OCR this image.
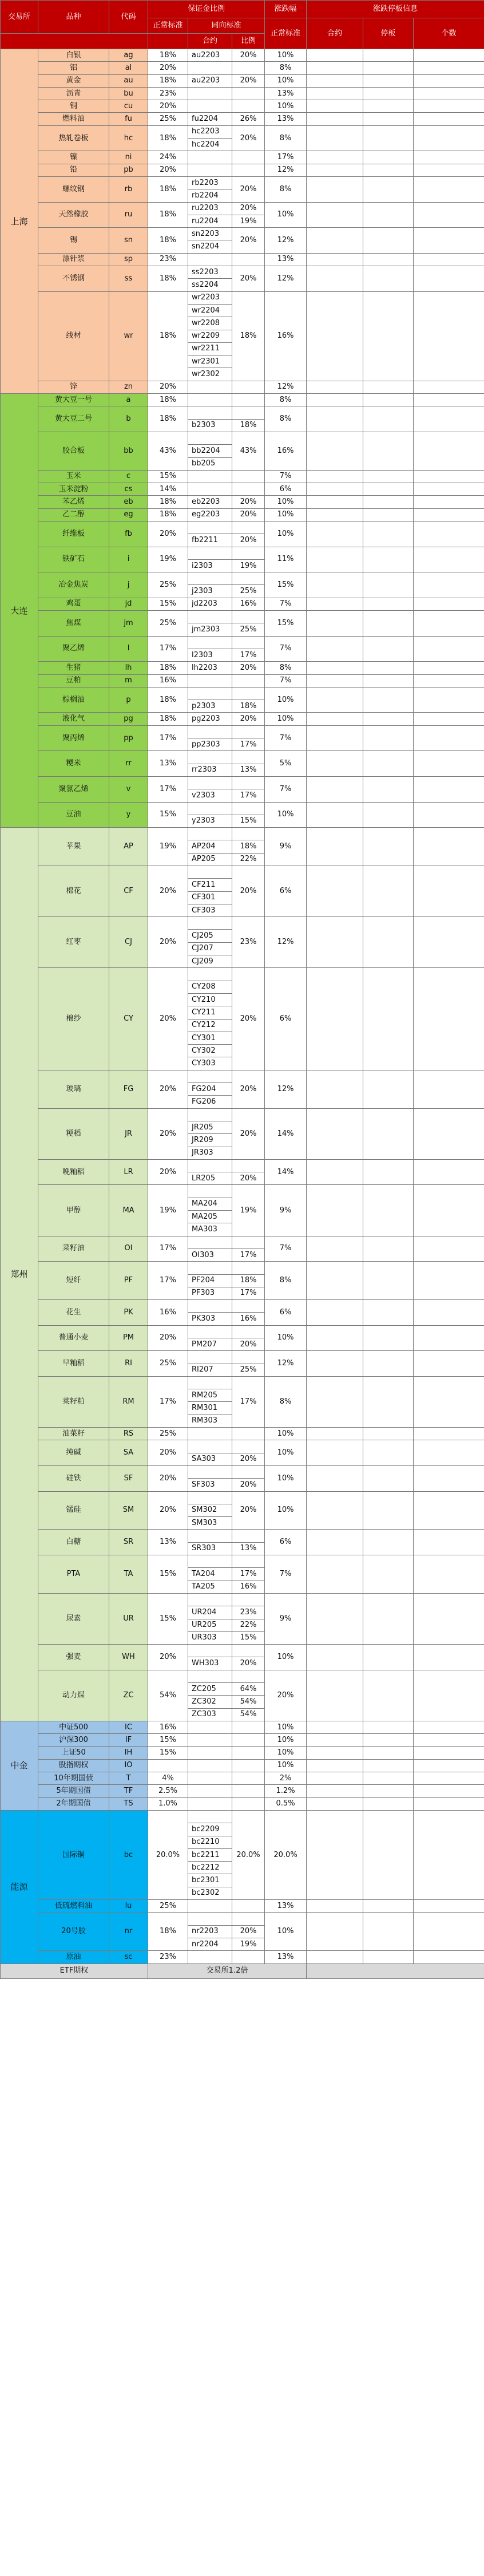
交易所	品种	代码	保证金比例			涨跌幅	涨跌停板信息		
			正常标准	同向标准		正常标准	合约	停板	个数
				合约	比例				
上海	白银	ag	18%	au2203	20%	10%			
	铝	al	20%			8%			
	黄金	au	18%	au2203	20%	10%			
	沥青	bu	23%			13%			
	铜	cu	20%			10%			
	燃料油	fu	25%	fu2204	26%	13%			
	热轧卷板	hc	18%	hc2203	20%	8%			
				hc2204					
	镍	ni	24%			17%			
	铅	pb	20%			12%			
	螺纹钢	rb	18%	rb2203	20%	8%			
				rb2204					
	天然橡胶	ru	18%	ru2203	20%	10%			
				ru2204	19%				
	锡	sn	18%	sn2203	20%	12%			
				sn2204					
	漂针浆	sp	23%			13%			
	不锈钢	ss	18%	ss2203	20%	12%			
				ss2204					
	线材	wr	18%	wr2203	18%	16%			
				wr2204					
				wr2208					
				wr2209					
				wr2211					
				wr2301					
				wr2302					
	锌	zn	20%			12%			
大连	黄大豆一号	a	18%			8%			
	黄大豆二号	b	18%			8%			
				b2303	18%				
	胶合板	bb	43%		43%	16%			
				bb2204					
				bb205					
	玉米	c	15%			7%			
	玉米淀粉	cs	14%			6%			
	苯乙烯	eb	18%	eb2203	20%	10%			
	乙二醇	eg	18%	eg2203	20%	10%			
	纤维板	fb	20%			10%			
				fb2211	20%				
	铁矿石	i	19%			11%			
				i2303	19%				
	冶金焦炭	j	25%			15%			
				j2303	25%				
	鸡蛋	jd	15%	jd2203	16%	7%			
	焦煤	jm	25%			15%			
				jm2303	25%				
	聚乙烯	l	17%			7%			
				l2303	17%				
	生猪	lh	18%	lh2203	20%	8%			
	豆粕	m	16%			7%			
	棕榈油	p	18%			10%			
				p2303	18%				
	液化气	pg	18%	pg2203	20%	10%			
	聚丙烯	pp	17%			7%			
				pp2303	17%				
	粳米	rr	13%			5%			
				rr2303	13%				
	聚氯乙烯	v	17%			7%			
				v2303	17%				
	豆油	y	15%			10%			
				y2303	15%				
郑州	苹果	AP	19%			9%			
				AP204	18%				
				AP205	22%				
	棉花	CF	20%		20%	6%			
				CF211					
				CF301					
				CF303					
	红枣	CJ	20%		23%	12%			
				CJ205					
				CJ207					
				CJ209					
	棉纱	CY	20%		20%	6%			
				CY208					
				CY210					
				CY211					
				CY212					
				CY301					
				CY302					
				CY303					
	玻璃	FG	20%		20%	12%			
				FG204					
				FG206					
	粳稻	JR	20%		20%	14%			
				JR205					
				JR209					
				JR303					
	晚籼稻	LR	20%			14%			
				LR205	20%				
	甲醇	MA	19%		19%	9%			
				MA204					
				MA205					
				MA303					
	菜籽油	OI	17%			7%			
				OI303	17%				
	短纤	PF	17%			8%			
				PF204	18%				
				PF303	17%				
	花生	PK	16%			6%			
				PK303	16%				
	普通小麦	PM	20%			10%			
				PM207	20%				
	早籼稻	RI	25%			12%			
				RI207	25%				
	菜籽粕	RM	17%		17%	8%			
				RM205					
				RM301					
				RM303					
	油菜籽	RS	25%			10%			
	纯碱	SA	20%			10%			
				SA303	20%				
	硅铁	SF	20%			10%			
				SF303	20%				
	锰硅	SM	20%		20%	10%			
				SM302					
				SM303					
	白糖	SR	13%			6%			
				SR303	13%				
	PTA	TA	15%			7%			
				TA204	17%				
				TA205	16%				
	尿素	UR	15%			9%			
				UR204	23%				
				UR205	22%				
				UR303	15%				
	强麦	WH	20%			10%			
				WH303	20%				
	动力煤	ZC	54%			20%			
				ZC205	64%				
				ZC302	54%				
				ZC303	54%				
中金	中证500	IC	16%			10%			
	沪深300	IF	15%			10%			
	上证50	IH	15%			10%			
	股指期权	IO				10%			
	10年期国债	T	4%			2%			
	5年期国债	TF	2.5%			1.2%			
	2年期国债	TS	1.0%			0.5%			
能源	国际铜	bc	20.0%		20.0%	20.0%			
				bc2209					
				bc2210					
				bc2211					
				bc2212					
				bc2301					
				bc2302					
	低硫燃料油	lu	25%			13%			
	20号胶	nr	18%			10%			
				nr2203	20%				
				nr2204	19%				
	原油	sc	23%			13%			
ETF期权			交易所1.2倍						
